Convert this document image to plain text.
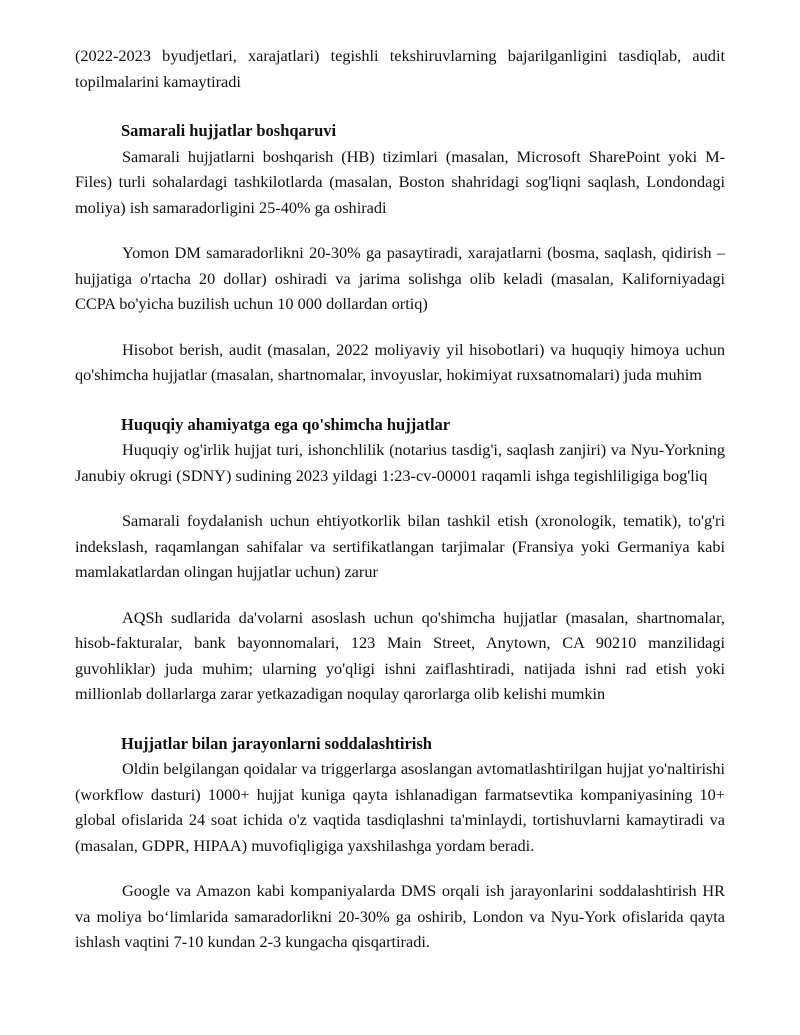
(2022-2023 byudjetlari, xarajatlari) tegishli tekshiruvlarning bajarilganligini tasdiqlab, audit topilmalarini kamaytiradi

Samarali hujjatlar boshqaruvi

Samarali hujjatlarni boshqarish (HB) tizimlari (masalan, Microsoft SharePoint yoki M-Files) turli sohalardagi tashkilotlarda (masalan, Boston shahridagi sog'liqni saqlash, Londondagi moliya) ish samaradorligini 25-40% ga oshiradi

Yomon DM samaradorlikni 20-30% ga pasaytiradi, xarajatlarni (bosma, saqlash, qidirish – hujjatiga o'rtacha 20 dollar) oshiradi va jarima solishga olib keladi (masalan, Kaliforniyadagi CCPA bo'yicha buzilish uchun 10 000 dollardan ortiq)

Hisobot berish, audit (masalan, 2022 moliyaviy yil hisobotlari) va huquqiy himoya uchun qo'shimcha hujjatlar (masalan, shartnomalar, invoyuslar, hokimiyat ruxsatnomalari) juda muhim

Huquqiy ahamiyatga ega qo'shimcha hujjatlar

Huquqiy og'irlik hujjat turi, ishonchlilik (notarius tasdig'i, saqlash zanjiri) va Nyu-Yorkning Janubiy okrugi (SDNY) sudining 2023 yildagi 1:23-cv-00001 raqamli ishga tegishliligiga bog'liq

Samarali foydalanish uchun ehtiyotkorlik bilan tashkil etish (xronologik, tematik), to'g'ri indekslash, raqamlangan sahifalar va sertifikatlangan tarjimalar (Fransiya yoki Germaniya kabi mamlakatlardan olingan hujjatlar uchun) zarur

AQSh sudlarida da'volarni asoslash uchun qo'shimcha hujjatlar (masalan, shartnomalar, hisob-fakturalar, bank bayonnomalari, 123 Main Street, Anytown, CA 90210 manzilidagi guvohliklar) juda muhim; ularning yo'qligi ishni zaiflashtiradi, natijada ishni rad etish yoki millionlab dollarlarga zarar yetkazadigan noqulay qarorlarga olib kelishi mumkin

Hujjatlar bilan jarayonlarni soddalashtirish

Oldin belgilangan qoidalar va triggerlarga asoslangan avtomatlashtirilgan hujjat yo'naltirishi (workflow dasturi) 1000+ hujjat kuniga qayta ishlanadigan farmatsevtika kompaniyasining 10+ global ofislarida 24 soat ichida o'z vaqtida tasdiqlashni ta'minlaydi, tortishuvlarni kamaytiradi va (masalan, GDPR, HIPAA) muvofiqligiga yaxshilashga yordam beradi.

Google va Amazon kabi kompaniyalarda DMS orqali ish jarayonlarini soddalashtirish HR va moliya bo‘limlarida samaradorlikni 20-30% ga oshirib, London va Nyu-York ofislarida qayta ishlash vaqtini 7-10 kundan 2-3 kungacha qisqartiradi.
